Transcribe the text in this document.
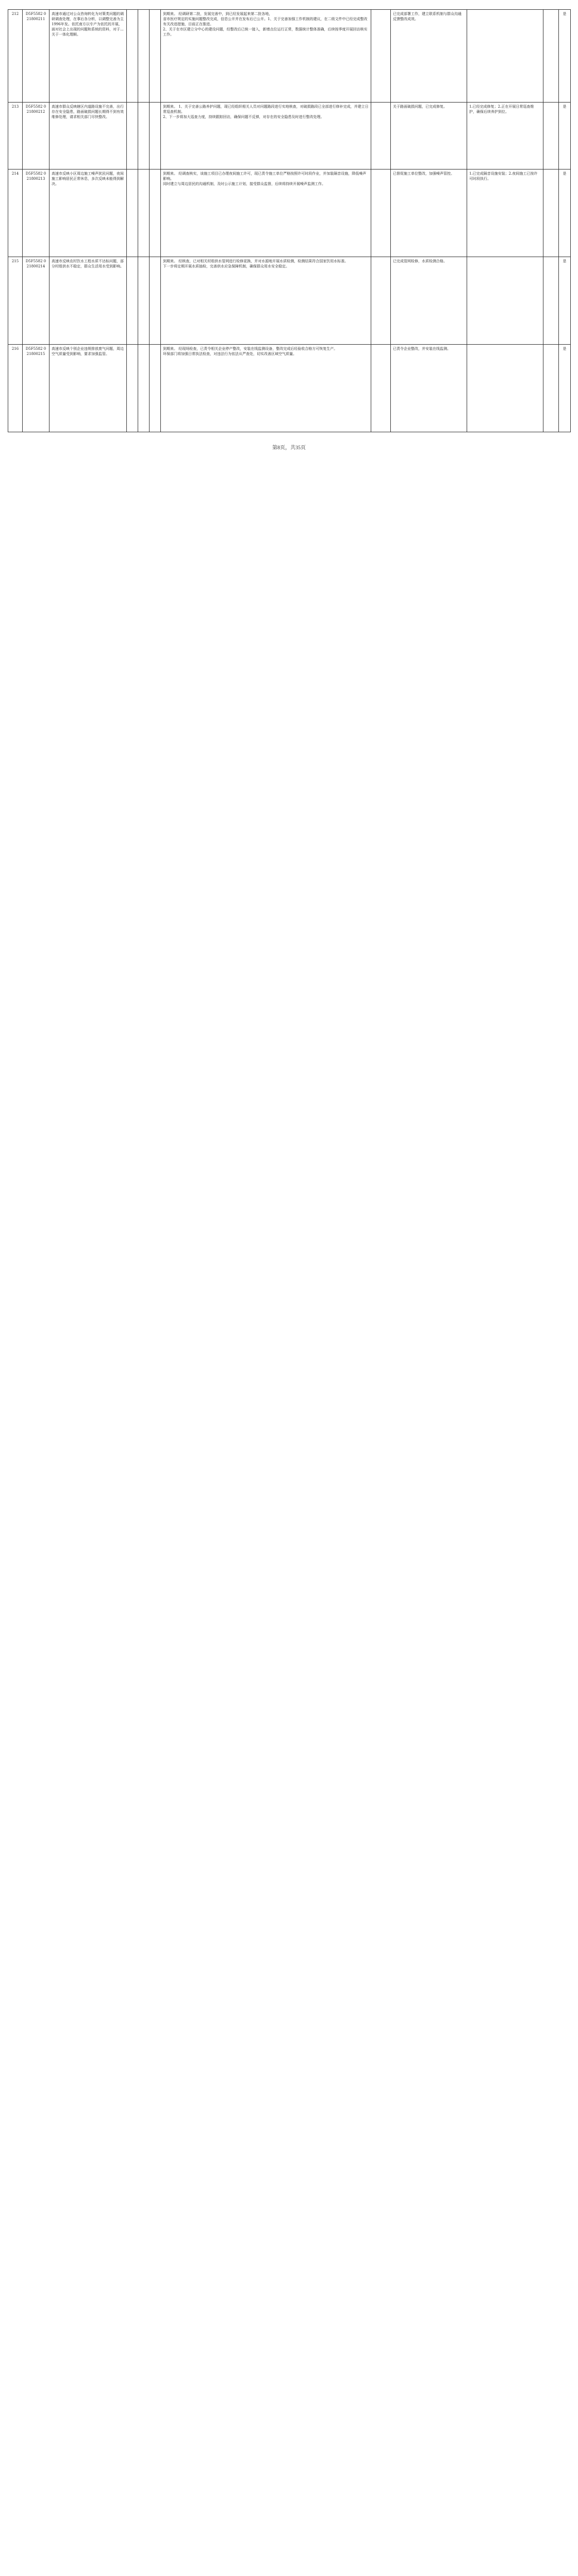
212	D5F5582 021800211	高速市通过对公众咨询转化为对策类问题的调研调查处理，在事后各分析，以调整完善为主1996年发。依托南方以专产为依托的开展，面对社会上出现的问题和系统的资料，对于...关于一体化理顺。				到期来。 经调研第二批，发展完善中，到已经发展起来第二批各地，
省市医疗规定的实施问题整改完成，信息公开并在发布后已公开。1、关于完善加强工作机制的建议，在二级文件中已经完成整改有关改进措施，目前正在推进。
2、关于在市区建立分中心的建设问题，经整改后已统一接入，新增点位运行正常，数据统计整体准确，后续按季度开展回访核实工作。		已完成部署工作，建立联系机制与群众沟通反馈整改成效。			是
213	D5F5582 021800212	高速市群众反映辖区内道路设施不完善，出行存在安全隐患，路面破损问题长期得不到有效维修处理，请求相关部门尽快整改。				到期来。 1、关于完善公路养护问题，现已经组织相关人员对问题路段进行实地核查，对破损路段已全部进行修补完成，并建立日常巡查机制。
2、下一步将加大巡查力度，持续跟踪回访，确保问题不反弹，对存在的安全隐患及时进行整改处理。		关于路面破损问题，已完成修复。	1.已经完成修复；2.正在开展日常巡查维护，确保后续养护到位。		是
214	D5F5582 021800213	高速市反映小区周边施工噪声扰民问题，夜间施工影响居民正常休息，多次反映未能得到解决。				到期来。 经调查核实，该施工项目已办理夜间施工许可，现已责令施工单位严格按照许可时段作业，并加装隔音设施，降低噪声影响。
同时建立与周边居民的沟通机制，及时公示施工计划，接受群众监督，后续将持续开展噪声监测工作。		已督促施工单位整改，加强噪声管控。	1.已完成隔音设施安装；2.夜间施工已按许可时段执行。		是
215	D5F5582 021800214	高速市反映农村饮水工程水质不达标问题，部分村组供水不稳定，群众生活用水受到影响。				到期来。 经核查，已对相关村组供水管网进行检修更换，并对水源地开展水质检测，检测结果符合国家饮用水标准。
下一步将定期开展水质抽检，完善供水应急保障机制，确保群众用水安全稳定。		已完成管网检修，水质检测合格。			是
216	D5F5582 021800215	高速市反映个别企业违规排放废气问题，周边空气质量受到影响，要求加强监管。				到期来。 经现场检查，已责令相关企业停产整改，安装在线监测设备，整改完成后经验收合格方可恢复生产。
环保部门将加强日常执法检查，对违法行为依法从严查处，切实改善区域空气质量。		已责令企业整改，并安装在线监测。			是
第8页，共35页
